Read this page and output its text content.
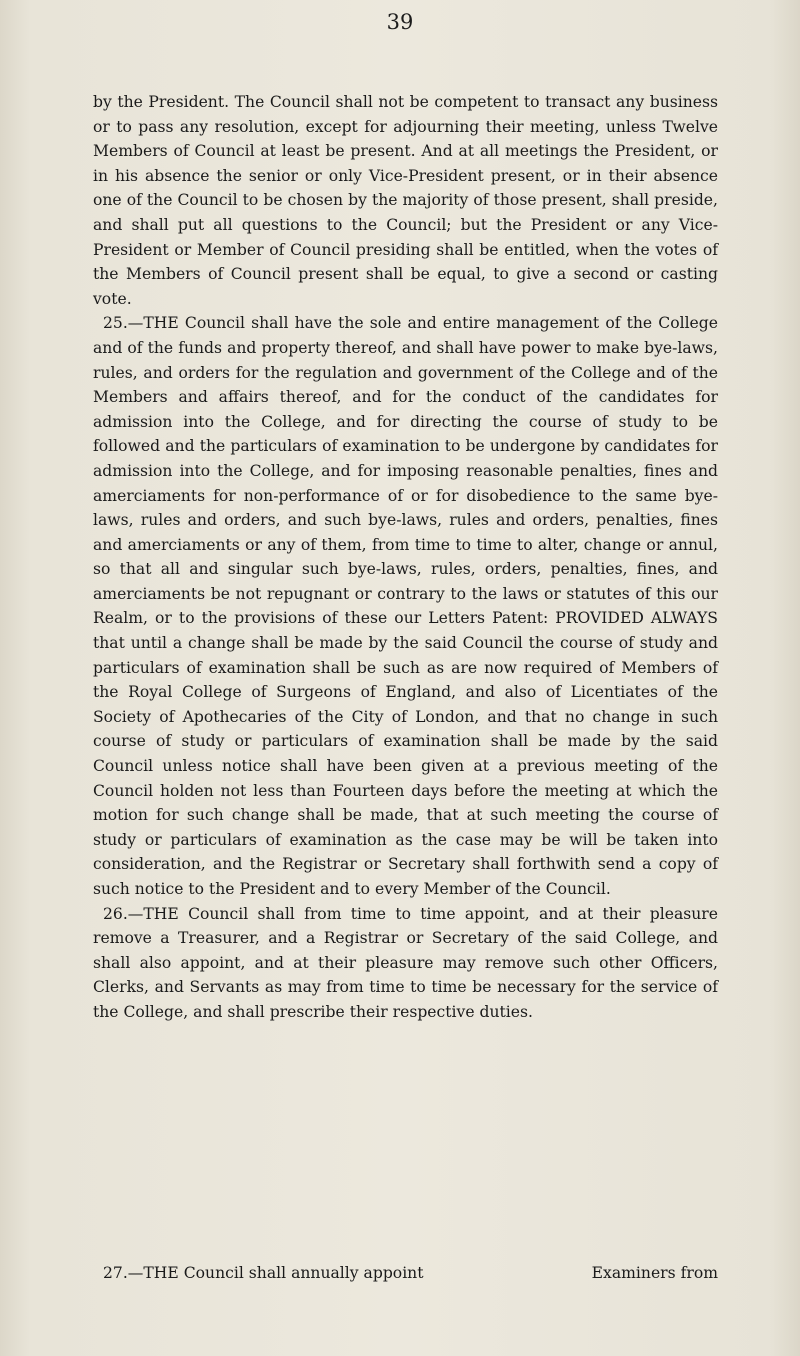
39

by the President. The Council shall not be competent to transact any business or to pass any resolution, except for adjourning their meeting, unless Twelve Members of Council at least be present. And at all meetings the President, or in his absence the senior or only Vice-President present, or in their absence one of the Council to be chosen by the majority of those present, shall preside, and shall put all questions to the Council; but the President or any Vice-President or Member of Council presiding shall be entitled, when the votes of the Members of Council present shall be equal, to give a second or casting vote.

25.—THE Council shall have the sole and entire management of the College and of the funds and property thereof, and shall have power to make bye-laws, rules, and orders for the regulation and government of the College and of the Members and affairs thereof, and for the conduct of the candidates for admission into the College, and for directing the course of study to be followed and the particulars of examination to be undergone by candidates for admission into the College, and for imposing reasonable penalties, fines and amerciaments for non-performance of or for disobedience to the same bye-laws, rules and orders, and such bye-laws, rules and orders, penalties, fines and amerciaments or any of them, from time to time to alter, change or annul, so that all and singular such bye-laws, rules, orders, penalties, fines, and amerciaments be not repugnant or contrary to the laws or statutes of this our Realm, or to the provisions of these our Letters Patent: PROVIDED ALWAYS that until a change shall be made by the said Council the course of study and particulars of examination shall be such as are now required of Members of the Royal College of Surgeons of England, and also of Licentiates of the Society of Apothecaries of the City of London, and that no change in such course of study or particulars of examination shall be made by the said Council unless notice shall have been given at a previous meeting of the Council holden not less than Fourteen days before the meeting at which the motion for such change shall be made, that at such meeting the course of study or particulars of examination as the case may be will be taken into consideration, and the Registrar or Secretary shall forthwith send a copy of such notice to the President and to every Member of the Council.

26.—THE Council shall from time to time appoint, and at their pleasure remove a Treasurer, and a Registrar or Secretary of the said College, and shall also appoint, and at their pleasure may remove such other Officers, Clerks, and Servants as may from time to time be necessary for the service of the College, and shall prescribe their respective duties.

27.—THE Council shall annually appoint	Examiners from
